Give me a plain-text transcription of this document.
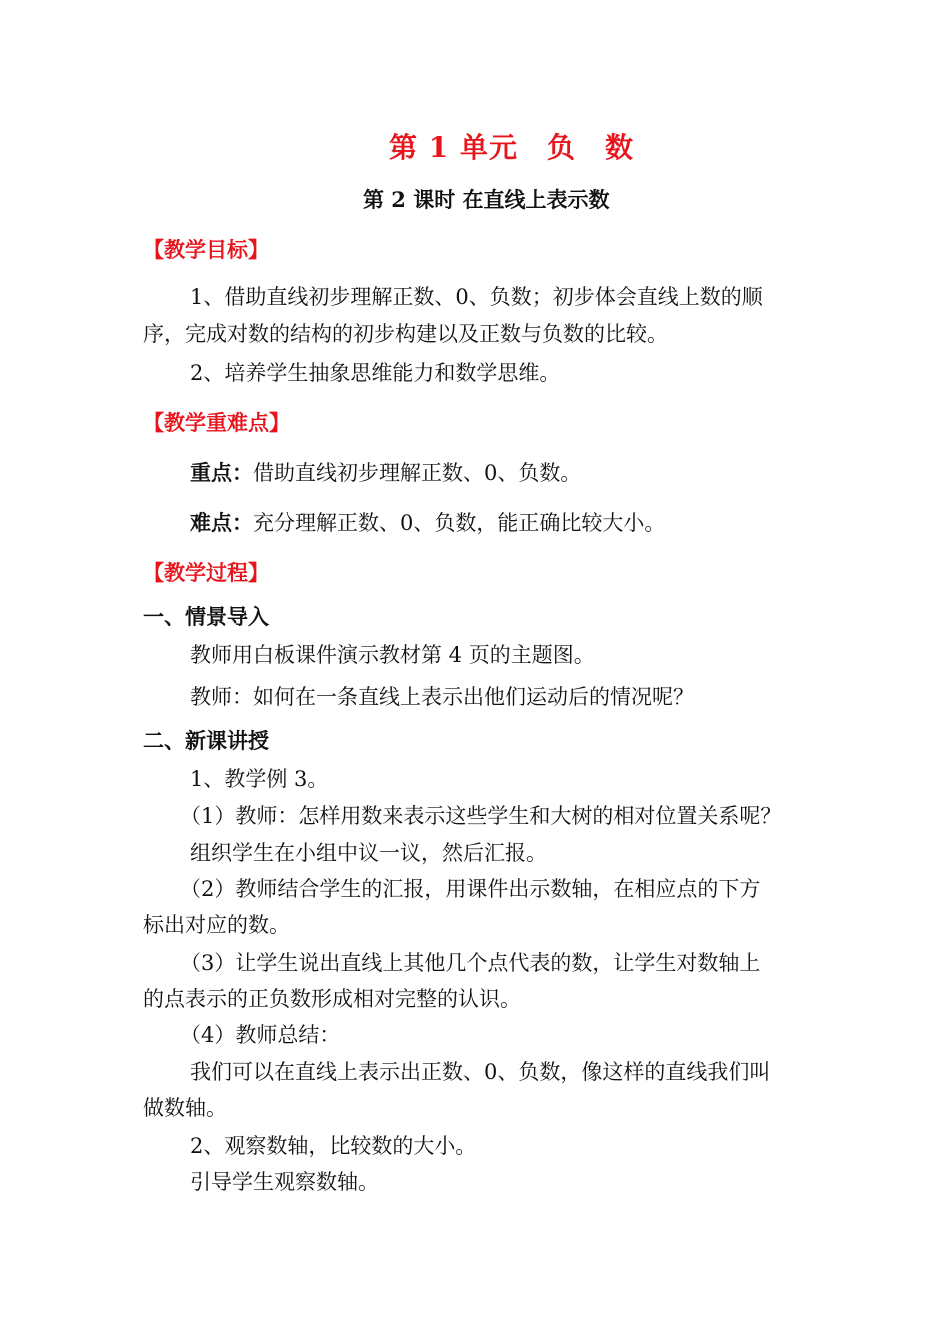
第 1 单元　负　数
第 2 课时 在直线上表示数
【教学目标】
1、借助直线初步理解正数、0、负数；初步体会直线上数的顺
序，完成对数的结构的初步构建以及正数与负数的比较。
2、培养学生抽象思维能力和数学思维。
【教学重难点】
重点：借助直线初步理解正数、0、负数。
难点：充分理解正数、0、负数，能正确比较大小。
【教学过程】
一、情景导入
教师用白板课件演示教材第 4 页的主题图。
教师：如何在一条直线上表示出他们运动后的情况呢？
二、新课讲授
1、教学例 3。
（1）教师：怎样用数来表示这些学生和大树的相对位置关系呢？
组织学生在小组中议一议，然后汇报。
（2）教师结合学生的汇报，用课件出示数轴，在相应点的下方
标出对应的数。
（3）让学生说出直线上其他几个点代表的数，让学生对数轴上
的点表示的正负数形成相对完整的认识。
（4）教师总结：
我们可以在直线上表示出正数、0、负数，像这样的直线我们叫
做数轴。
2、观察数轴，比较数的大小。
引导学生观察数轴。
